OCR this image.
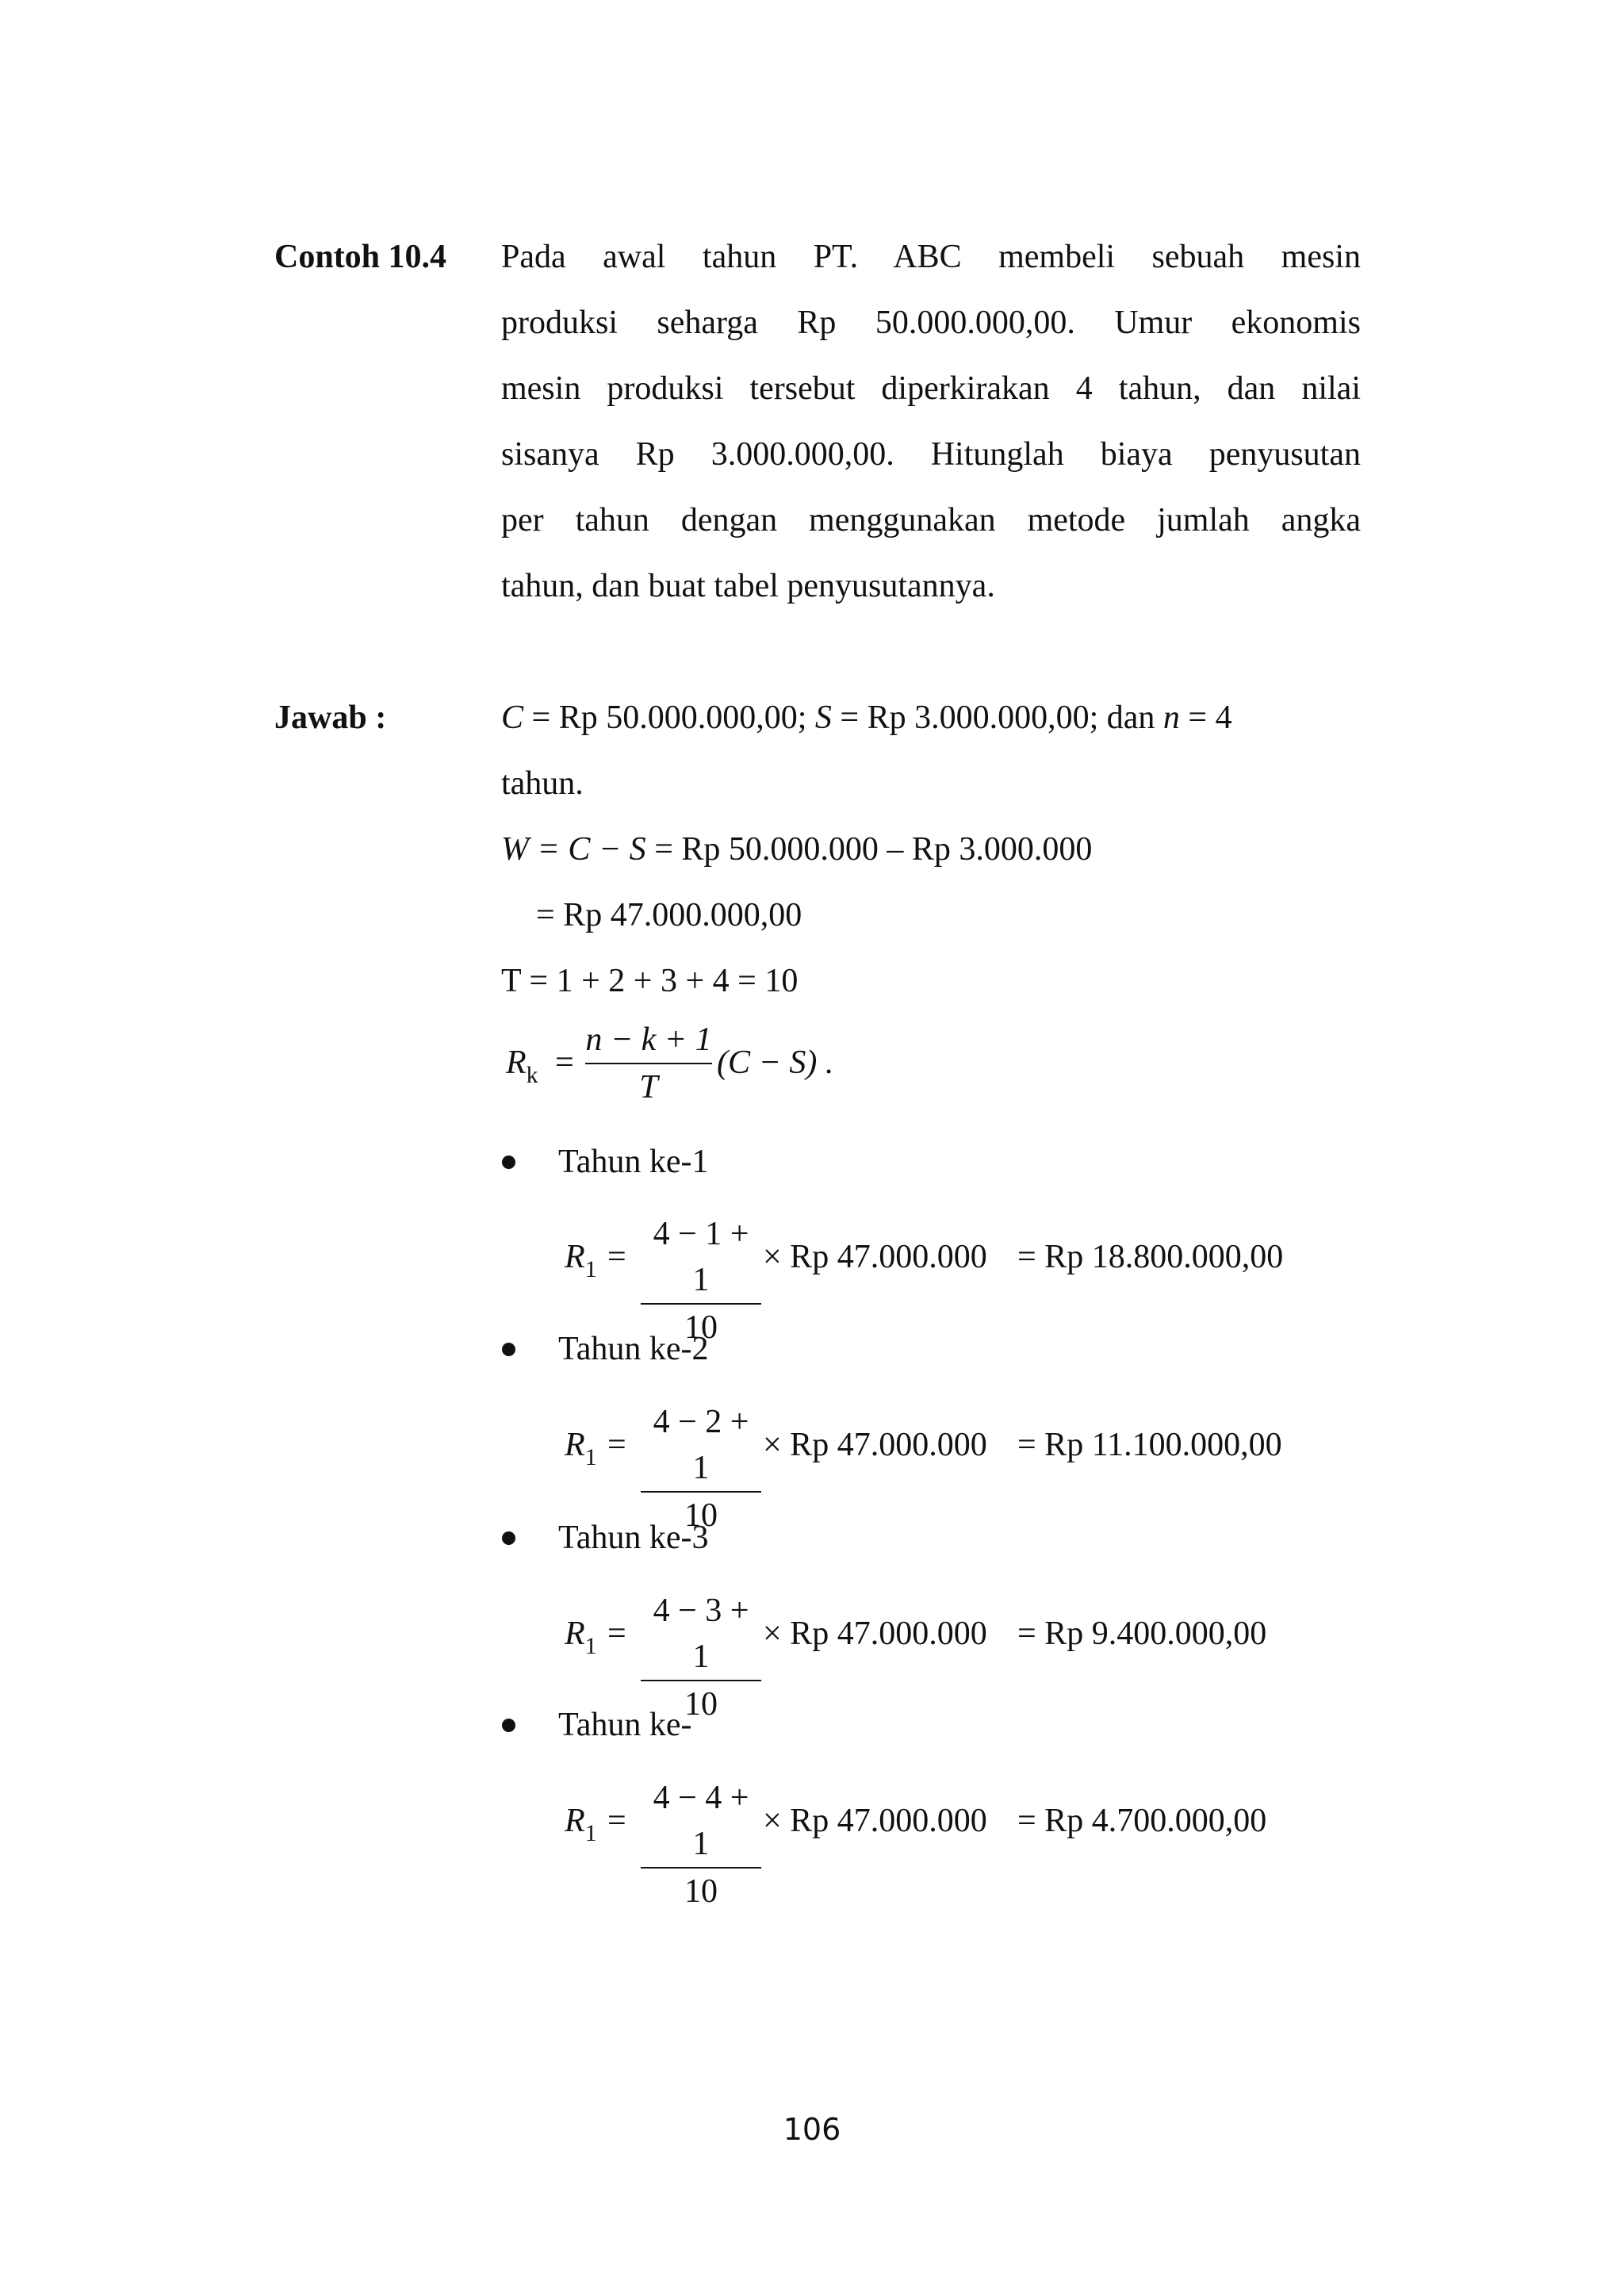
Contoh 10.4 Pada awal tahun PT. ABC membeli sebuah mesin
produksi seharga Rp 50.000.000,00. Umur ekonomis
mesin produksi tersebut diperkirakan 4 tahun, dan nilai
sisanya Rp 3.000.000,00. Hitunglah biaya penyusutan
per tahun dengan menggunakan metode jumlah angka
tahun, dan buat tabel penyusutannya.
Jawab :	C = Rp 50.000.000,00; S = Rp 3.000.000,00; dan n = 4
tahun.
W = C − S = Rp 50.000.000 – Rp 3.000.000
= Rp 47.000.000,00
T = 1 + 2 + 3 + 4 = 10
$R_k$ =
n − k + 1
T
(C − S) .
Tahun ke-1
$R_1$ =
4 − 1 + 1
10
× Rp 47.000.000 = Rp 18.800.000,00
Tahun ke-2
$R_1$ =
4 − 2 + 1
10
× Rp 47.000.000 = Rp 11.100.000,00
Tahun ke-3
$R_1$ =
4 − 3 + 1
10
× Rp 47.000.000 = Rp 9.400.000,00
Tahun ke-
$R_1$ =
4 − 4 + 1
10
× Rp 47.000.000 = Rp 4.700.000,00
106
